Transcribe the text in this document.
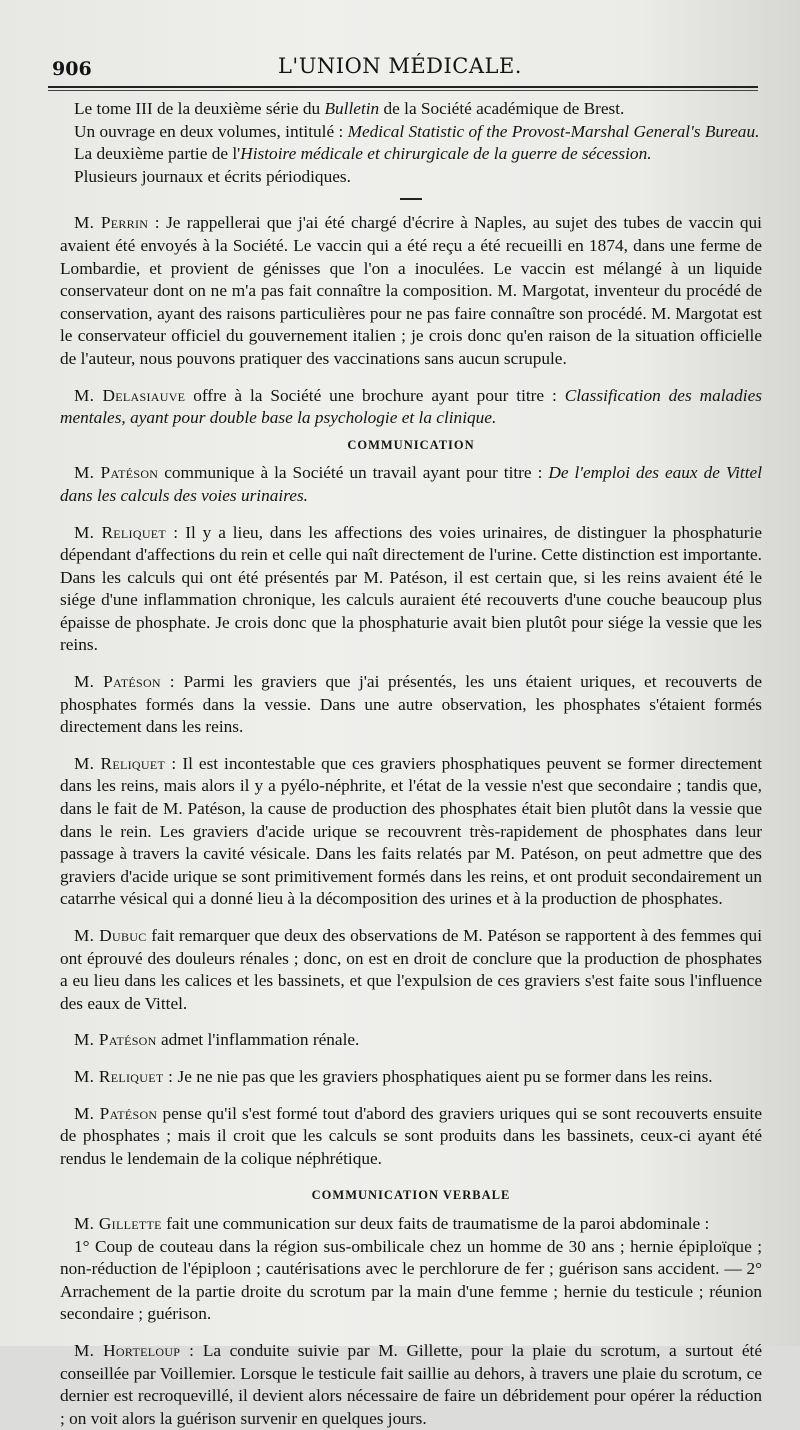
906	L'UNION MÉDICALE.

Le tome III de la deuxième série du Bulletin de la Société académique de Brest.

Un ouvrage en deux volumes, intitulé : Medical Statistic of the Provost-Marshal General's Bureau.

La deuxième partie de l'Histoire médicale et chirurgicale de la guerre de sécession.

Plusieurs journaux et écrits périodiques.

M. Perrin : Je rappellerai que j'ai été chargé d'écrire à Naples, au sujet des tubes de vaccin qui avaient été envoyés à la Société. Le vaccin qui a été reçu a été recueilli en 1874, dans une ferme de Lombardie, et provient de génisses que l'on a inoculées. Le vaccin est mélangé à un liquide conservateur dont on ne m'a pas fait connaître la composition. M. Margotat, inventeur du procédé de conservation, ayant des raisons particulières pour ne pas faire connaître son procédé. M. Margotat est le conservateur officiel du gouvernement italien ; je crois donc qu'en raison de la situation officielle de l'auteur, nous pouvons pratiquer des vaccinations sans aucun scrupule.

M. Delasiauve offre à la Société une brochure ayant pour titre : Classification des maladies mentales, ayant pour double base la psychologie et la clinique.

COMMUNICATION

M. Patéson communique à la Société un travail ayant pour titre : De l'emploi des eaux de Vittel dans les calculs des voies urinaires.

M. Reliquet : Il y a lieu, dans les affections des voies urinaires, de distinguer la phosphaturie dépendant d'affections du rein et celle qui naît directement de l'urine. Cette distinction est importante. Dans les calculs qui ont été présentés par M. Patéson, il est certain que, si les reins avaient été le siége d'une inflammation chronique, les calculs auraient été recouverts d'une couche beaucoup plus épaisse de phosphate. Je crois donc que la phosphaturie avait bien plutôt pour siége la vessie que les reins.

M. Patéson : Parmi les graviers que j'ai présentés, les uns étaient uriques, et recouverts de phosphates formés dans la vessie. Dans une autre observation, les phosphates s'étaient formés directement dans les reins.

M. Reliquet : Il est incontestable que ces graviers phosphatiques peuvent se former directement dans les reins, mais alors il y a pyélo-néphrite, et l'état de la vessie n'est que secondaire ; tandis que, dans le fait de M. Patéson, la cause de production des phosphates était bien plutôt dans la vessie que dans le rein. Les graviers d'acide urique se recouvrent très-rapidement de phosphates dans leur passage à travers la cavité vésicale. Dans les faits relatés par M. Patéson, on peut admettre que des graviers d'acide urique se sont primitivement formés dans les reins, et ont produit secondairement un catarrhe vésical qui a donné lieu à la décomposition des urines et à la production de phosphates.

M. Dubuc fait remarquer que deux des observations de M. Patéson se rapportent à des femmes qui ont éprouvé des douleurs rénales ; donc, on est en droit de conclure que la production de phosphates a eu lieu dans les calices et les bassinets, et que l'expulsion de ces graviers s'est faite sous l'influence des eaux de Vittel.

M. Patéson admet l'inflammation rénale.

M. Reliquet : Je ne nie pas que les graviers phosphatiques aient pu se former dans les reins.

M. Patéson pense qu'il s'est formé tout d'abord des graviers uriques qui se sont recouverts ensuite de phosphates ; mais il croit que les calculs se sont produits dans les bassinets, ceux-ci ayant été rendus le lendemain de la colique néphrétique.

COMMUNICATION VERBALE

M. Gillette fait une communication sur deux faits de traumatisme de la paroi abdominale :

1° Coup de couteau dans la région sus-ombilicale chez un homme de 30 ans ; hernie épiploïque ; non-réduction de l'épiploon ; cautérisations avec le perchlorure de fer ; guérison sans accident. — 2° Arrachement de la partie droite du scrotum par la main d'une femme ; hernie du testicule ; réunion secondaire ; guérison.

M. Horteloup : La conduite suivie par M. Gillette, pour la plaie du scrotum, a surtout été conseillée par Voillemier. Lorsque le testicule fait saillie au dehors, à travers une plaie du scrotum, ce dernier est recroquevillé, il devient alors nécessaire de faire un débridement pour opérer la réduction ; on voit alors la guérison survenir en quelques jours.
